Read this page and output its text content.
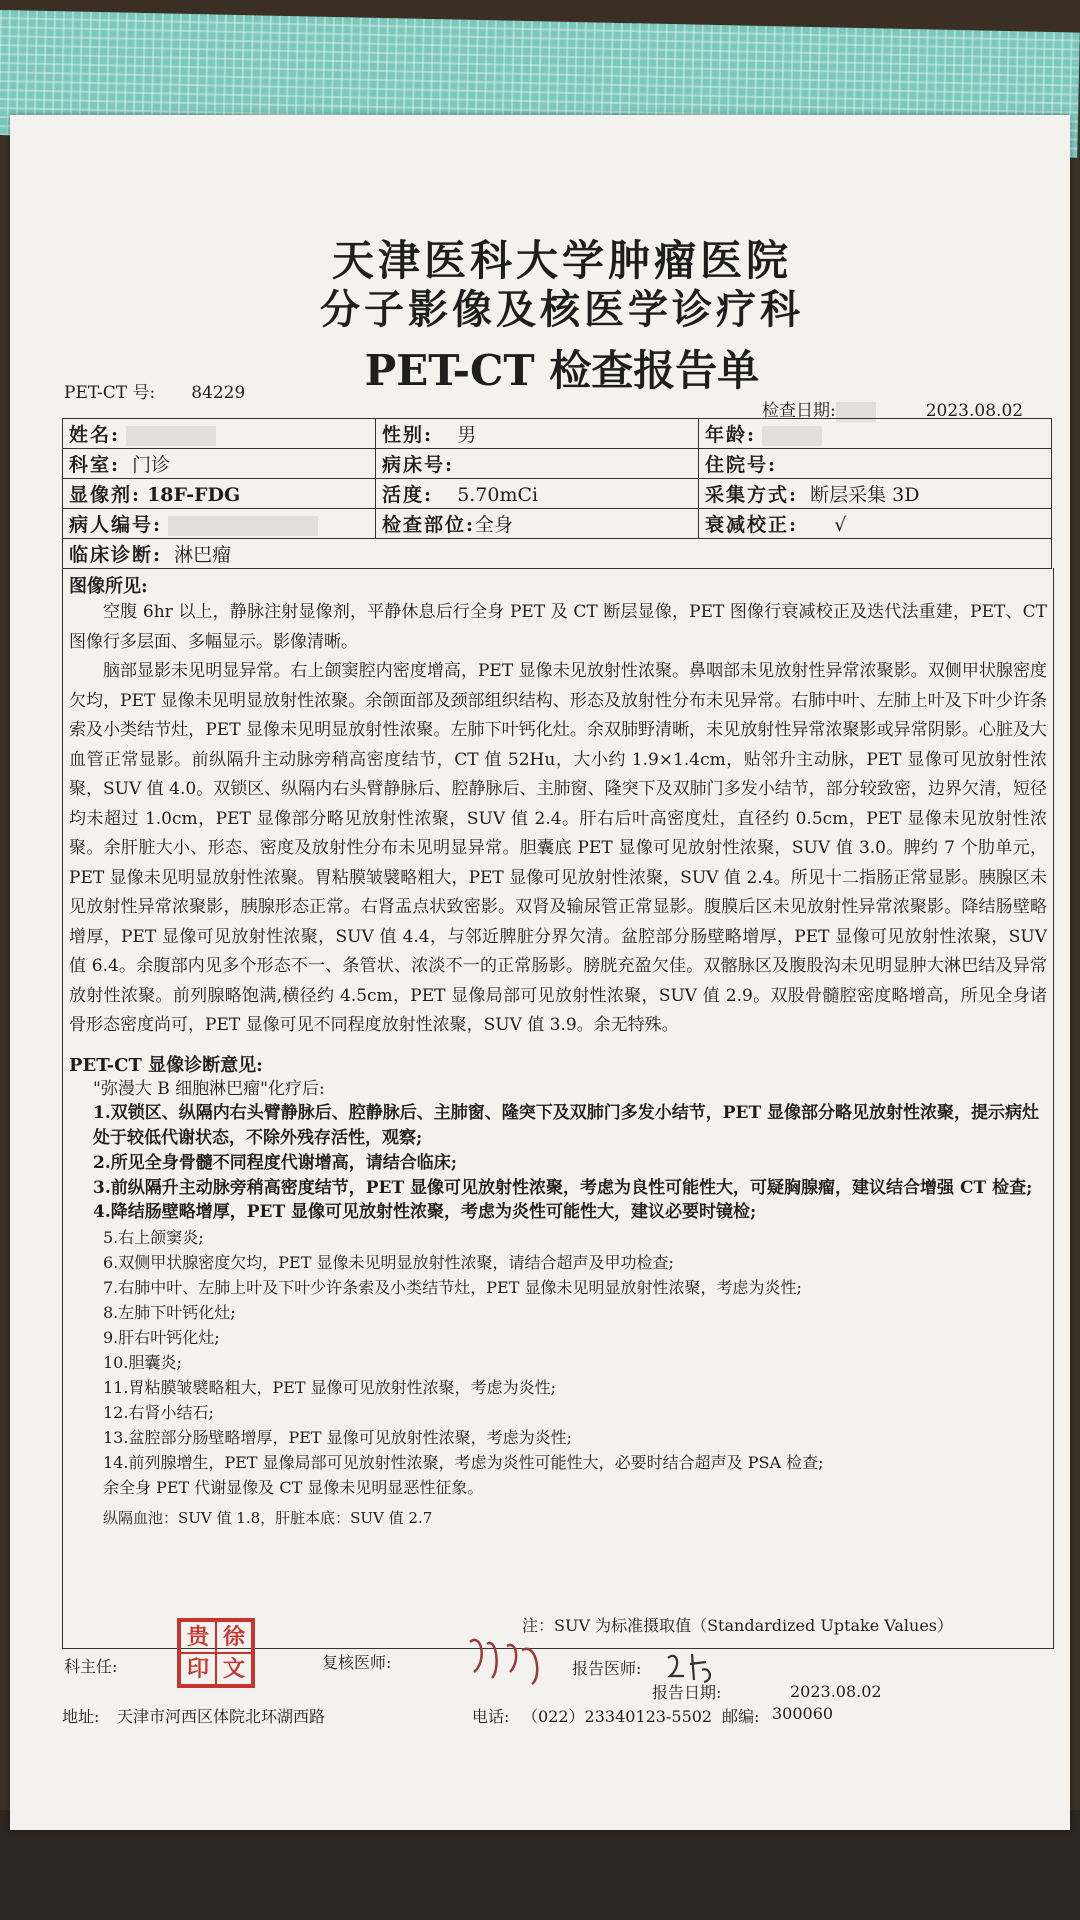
天津医科大学肿瘤医院
分子影像及核医学诊疗科
PET-CT 检查报告单
PET-CT 号: 84229
检查日期:	2023.08.02
姓名:	性别: 男	年龄:
科室: 门诊	病床号:	住院号:
显像剂: 18F-FDG	活度: 5.70mCi	采集方式: 断层采集 3D
病人编号:	检查部位:全身	衰减校正: √
临床诊断: 淋巴瘤		
图像所见:
空腹 6hr 以上，静脉注射显像剂，平静休息后行全身 PET 及 CT 断层显像，PET 图像行衰减校正及迭代法重建，PET、CT 图像行多层面、多幅显示。影像清晰。
脑部显影未见明显异常。右上颌窦腔内密度增高，PET 显像未见放射性浓聚。鼻咽部未见放射性异常浓聚影。双侧甲状腺密度欠均，PET 显像未见明显放射性浓聚。余颌面部及颈部组织结构、形态及放射性分布未见异常。右肺中叶、左肺上叶及下叶少许条索及小类结节灶，PET 显像未见明显放射性浓聚。左肺下叶钙化灶。余双肺野清晰，未见放射性异常浓聚影或异常阴影。心脏及大血管正常显影。前纵隔升主动脉旁稍高密度结节，CT 值 52Hu，大小约 1.9×1.4cm，贴邻升主动脉，PET 显像可见放射性浓聚，SUV 值 4.0。双锁区、纵隔内右头臂静脉后、腔静脉后、主肺窗、隆突下及双肺门多发小结节，部分较致密，边界欠清，短径均未超过 1.0cm，PET 显像部分略见放射性浓聚，SUV 值 2.4。肝右后叶高密度灶，直径约 0.5cm，PET 显像未见放射性浓聚。余肝脏大小、形态、密度及放射性分布未见明显异常。胆囊底 PET 显像可见放射性浓聚，SUV 值 3.0。脾约 7 个肋单元，PET 显像未见明显放射性浓聚。胃粘膜皱襞略粗大，PET 显像可见放射性浓聚，SUV 值 2.4。所见十二指肠正常显影。胰腺区未见放射性异常浓聚影，胰腺形态正常。右肾盂点状致密影。双肾及输尿管正常显影。腹膜后区未见放射性异常浓聚影。降结肠壁略增厚，PET 显像可见放射性浓聚，SUV 值 4.4，与邻近脾脏分界欠清。盆腔部分肠壁略增厚，PET 显像可见放射性浓聚，SUV 值 6.4。余腹部内见多个形态不一、条管状、浓淡不一的正常肠影。膀胱充盈欠佳。双髂脉区及腹股沟未见明显肿大淋巴结及异常放射性浓聚。前列腺略饱满,横径约 4.5cm，PET 显像局部可见放射性浓聚，SUV 值 2.9。双股骨髓腔密度略增高，所见全身诸骨形态密度尚可，PET 显像可见不同程度放射性浓聚，SUV 值 3.9。余无特殊。
PET-CT 显像诊断意见:
"弥漫大 B 细胞淋巴瘤"化疗后:
1.双锁区、纵隔内右头臂静脉后、腔静脉后、主肺窗、隆突下及双肺门多发小结节，PET 显像部分略见放射性浓聚，提示病灶处于较低代谢状态，不除外残存活性，观察;
2.所见全身骨髓不同程度代谢增高，请结合临床;
3.前纵隔升主动脉旁稍高密度结节，PET 显像可见放射性浓聚，考虑为良性可能性大，可疑胸腺瘤，建议结合增强 CT 检查;
4.降结肠壁略增厚，PET 显像可见放射性浓聚，考虑为炎性可能性大，建议必要时镜检;
5.右上颌窦炎;
6.双侧甲状腺密度欠均，PET 显像未见明显放射性浓聚，请结合超声及甲功检查;
7.右肺中叶、左肺上叶及下叶少许条索及小类结节灶，PET 显像未见明显放射性浓聚，考虑为炎性;
8.左肺下叶钙化灶;
9.肝右叶钙化灶;
10.胆囊炎;
11.胃粘膜皱襞略粗大，PET 显像可见放射性浓聚，考虑为炎性;
12.右肾小结石;
13.盆腔部分肠壁略增厚，PET 显像可见放射性浓聚，考虑为炎性;
14.前列腺增生，PET 显像局部可见放射性浓聚，考虑为炎性可能性大，必要时结合超声及 PSA 检查;
余全身 PET 代谢显像及 CT 显像未见明显恶性征象。
纵隔血池：SUV 值 1.8，肝脏本底：SUV 值 2.7
注：SUV 为标准摄取值（Standardized Uptake Values）
贵 徐
印 文
科主任:	复核医师:	报告医师:
报告日期:	2023.08.02
地址: 天津市河西区体院北环湖西路	电话: （022）23340123-5502 邮编: 300060
